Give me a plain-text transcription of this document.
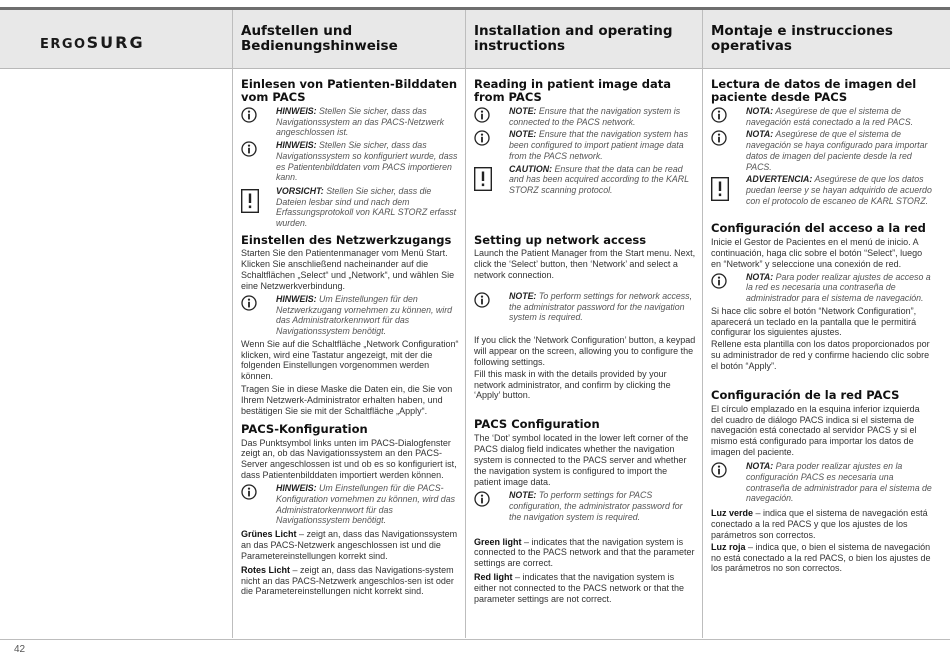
ERGOSURG
Aufstellen und Bedienungshinweise
Installation and operating instructions
Montaje e instrucciones operativas
Einlesen von Patienten-Bilddaten vom PACS
HINWEIS: Stellen Sie sicher, dass das Navigationssystem an das PACS-Netzwerk angeschlossen ist.
HINWEIS: Stellen Sie sicher, dass das Navigationssystem so konfiguriert wurde, dass es Patientenbilddaten vom PACS importieren kann.
VORSICHT: Stellen Sie sicher, dass die Dateien lesbar sind und nach dem Erfassungsprotokoll von KARL STORZ erfasst wurden.
Einstellen des Netzwerkzugangs
Starten Sie den Patientenmanager vom Menü Start. Klicken Sie anschließend nacheinander auf die Schaltflächen „Select“ und „Network“, und wählen Sie eine Netzwerkverbindung.
HINWEIS: Um Einstellungen für den Netzwerkzugang vornehmen zu können, wird das Administratorkennwort für das Navigationssystem benötigt.
Wenn Sie auf die Schaltfläche „Network Configuration“ klicken, wird eine Tastatur angezeigt, mit der die folgenden Einstellungen vorgenommen werden können.
Tragen Sie in diese Maske die Daten ein, die Sie von Ihrem Netzwerk-Administrator erhalten haben, und bestätigen Sie sie mit der Schaltfläche „Apply“.
PACS-Konfiguration
Das Punktsymbol links unten im PACS-Dialogfenster zeigt an, ob das Navigationssystem an den PACS-Server angeschlossen ist und ob es so konfiguriert ist, dass Patientenbilddaten importiert werden können.
HINWEIS: Um Einstellungen für die PACS-Konfiguration vornehmen zu können, wird das Administratorkennwort für das Navigationssystem benötigt.
Grünes Licht – zeigt an, dass das Navigationssystem an das PACS-Netzwerk angeschlossen ist und die Parametereinstellungen korrekt sind.
Rotes Licht – zeigt an, dass das Navigations-system nicht an das PACS-Netzwerk angeschlos-sen ist oder die Parametereinstellungen nicht korrekt sind.
Reading in patient image data from PACS
NOTE: Ensure that the navigation system is connected to the PACS network.
NOTE: Ensure that the navigation system has been configured to import patient image data from the PACS network.
CAUTION: Ensure that the data can be read and has been acquired according to the KARL STORZ scanning protocol.
Setting up network access
Launch the Patient Manager from the Start menu. Next, click the ‘Select’ button, then ‘Network’ and select a network connection.
NOTE: To perform settings for network access, the administrator password for the navigation system is required.
If you click the ‘Network Configuration’ button, a keypad will appear on the screen, allowing you to configure the following settings.
Fill this mask in with the details provided by your network administrator, and confirm by clicking the ‘Apply’ button.
PACS Configuration
The ‘Dot’ symbol located in the lower left corner of the PACS dialog field indicates whether the navigation system is connected to the PACS server and whether the navigation system is configured to import the patient image data.
NOTE: To perform settings for PACS configuration, the administrator password for the navigation system is required.
Green light – indicates that the navigation system is connected to the PACS network and that the parameter settings are correct.
Red light – indicates that the navigation system is either not connected to the PACS network or that the parameter settings are not correct.
Lectura de datos de imagen del paciente desde PACS
NOTA: Asegúrese de que el sistema de navegación está conectado a la red PACS.
NOTA: Asegúrese de que el sistema de navegación se haya configurado para importar datos de imagen del paciente desde la red PACS.
ADVERTENCIA: Asegúrese de que los datos puedan leerse y se hayan adquirido de acuerdo con el protocolo de escaneo de KARL STORZ.
Configuración del acceso a la red
Inicie el Gestor de Pacientes en el menú de inicio. A continuación, haga clic sobre el botón “Select”, luego en “Network” y seleccione una conexión de red.
NOTA: Para poder realizar ajustes de acceso a la red es necesaria una contraseña de administrador para el sistema de navegación.
Si hace clic sobre el botón “Network Configuration”, aparecerá un teclado en la pantalla que le permitirá configurar los siguientes ajustes.
Rellene esta plantilla con los datos proporcionados por su administrador de red y confirme haciendo clic sobre el botón “Apply”.
Configuración de la red PACS
El círculo emplazado en la esquina inferior izquierda del cuadro de diálogo PACS indica si el sistema de navegación está conectado al servidor PACS y si el mismo está configurado para importar los datos de imagen del paciente.
NOTA: Para poder realizar ajustes en la configuración PACS es necesaria una contraseña de administrador para el sistema de navegación.
Luz verde – indica que el sistema de navegación está conectado a la red PACS y que los ajustes de los parámetros son correctos.
Luz roja – indica que, o bien el sistema de navegación no está conectado a la red PACS, o bien los ajustes de los parámetros no son correctos.
42
